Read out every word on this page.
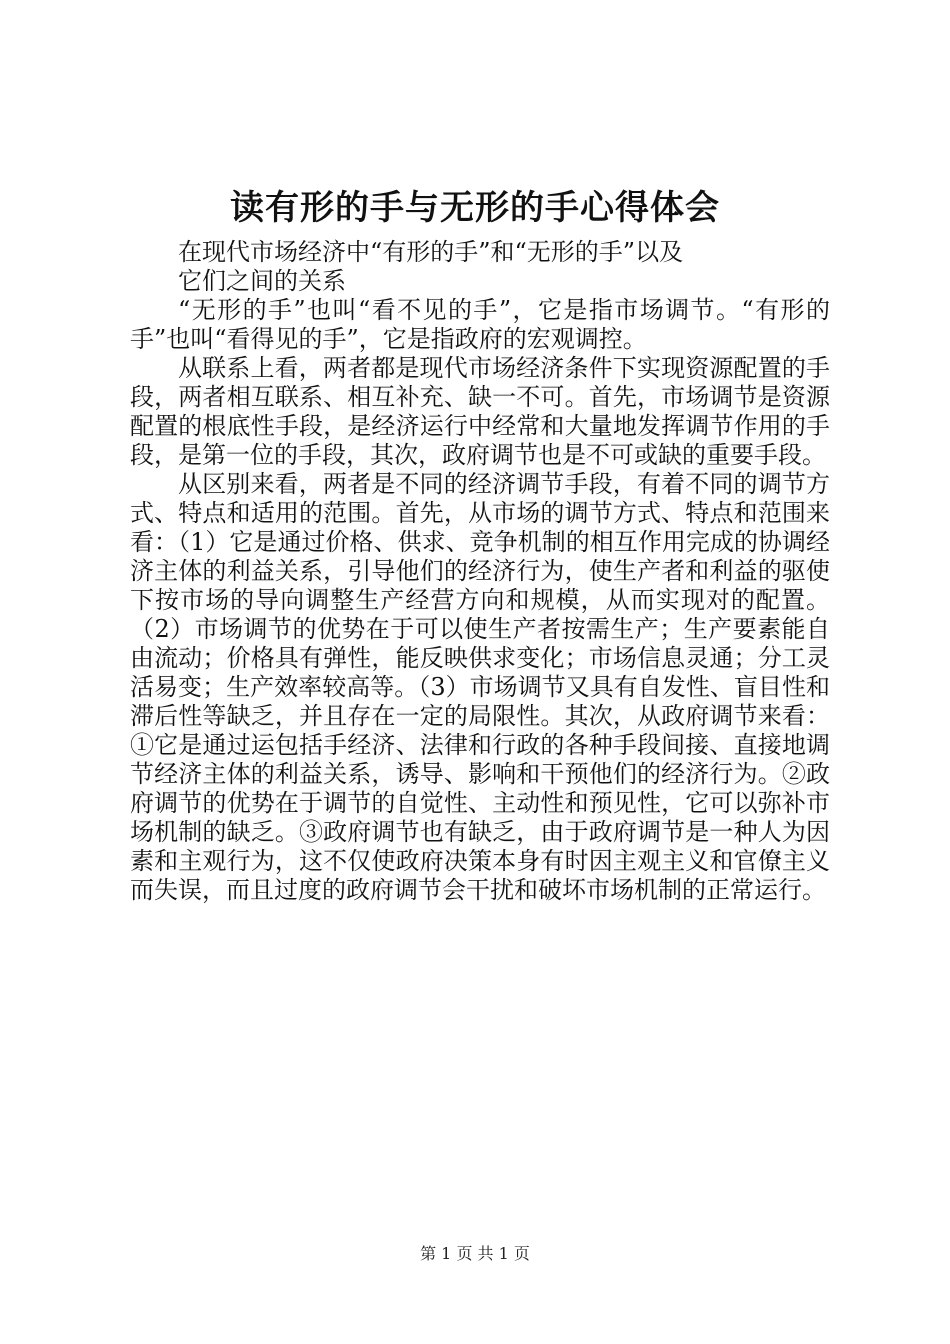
读有形的手与无形的手心得体会

在现代市场经济中“有形的手”和“无形的手”以及
它们之间的关系

“无形的手”也叫“看不见的手”，它是指市场调节。“有形的手”也叫“看得见的手”，它是指政府的宏观调控。

从联系上看，两者都是现代市场经济条件下实现资源配置的手段，两者相互联系、相互补充、缺一不可。首先，市场调节是资源配置的根底性手段，是经济运行中经常和大量地发挥调节作用的手段，是第一位的手段，其次，政府调节也是不可或缺的重要手段。

从区别来看，两者是不同的经济调节手段，有着不同的调节方式、特点和适用的范围。首先，从市场的调节方式、特点和范围来看：（1）它是通过价格、供求、竞争机制的相互作用完成的协调经济主体的利益关系，引导他们的经济行为，使生产者和利益的驱使下按市场的导向调整生产经营方向和规模，从而实现对的配置。（2）市场调节的优势在于可以使生产者按需生产；生产要素能自由流动；价格具有弹性，能反映供求变化；市场信息灵通；分工灵活易变；生产效率较高等。（3）市场调节又具有自发性、盲目性和滞后性等缺乏，并且存在一定的局限性。其次，从政府调节来看：①它是通过运包括手经济、法律和行政的各种手段间接、直接地调节经济主体的利益关系，诱导、影响和干预他们的经济行为。②政府调节的优势在于调节的自觉性、主动性和预见性，它可以弥补市场机制的缺乏。③政府调节也有缺乏，由于政府调节是一种人为因素和主观行为，这不仅使政府决策本身有时因主观主义和官僚主义而失误，而且过度的政府调节会干扰和破坏市场机制的正常运行。

第 1 页 共 1 页
